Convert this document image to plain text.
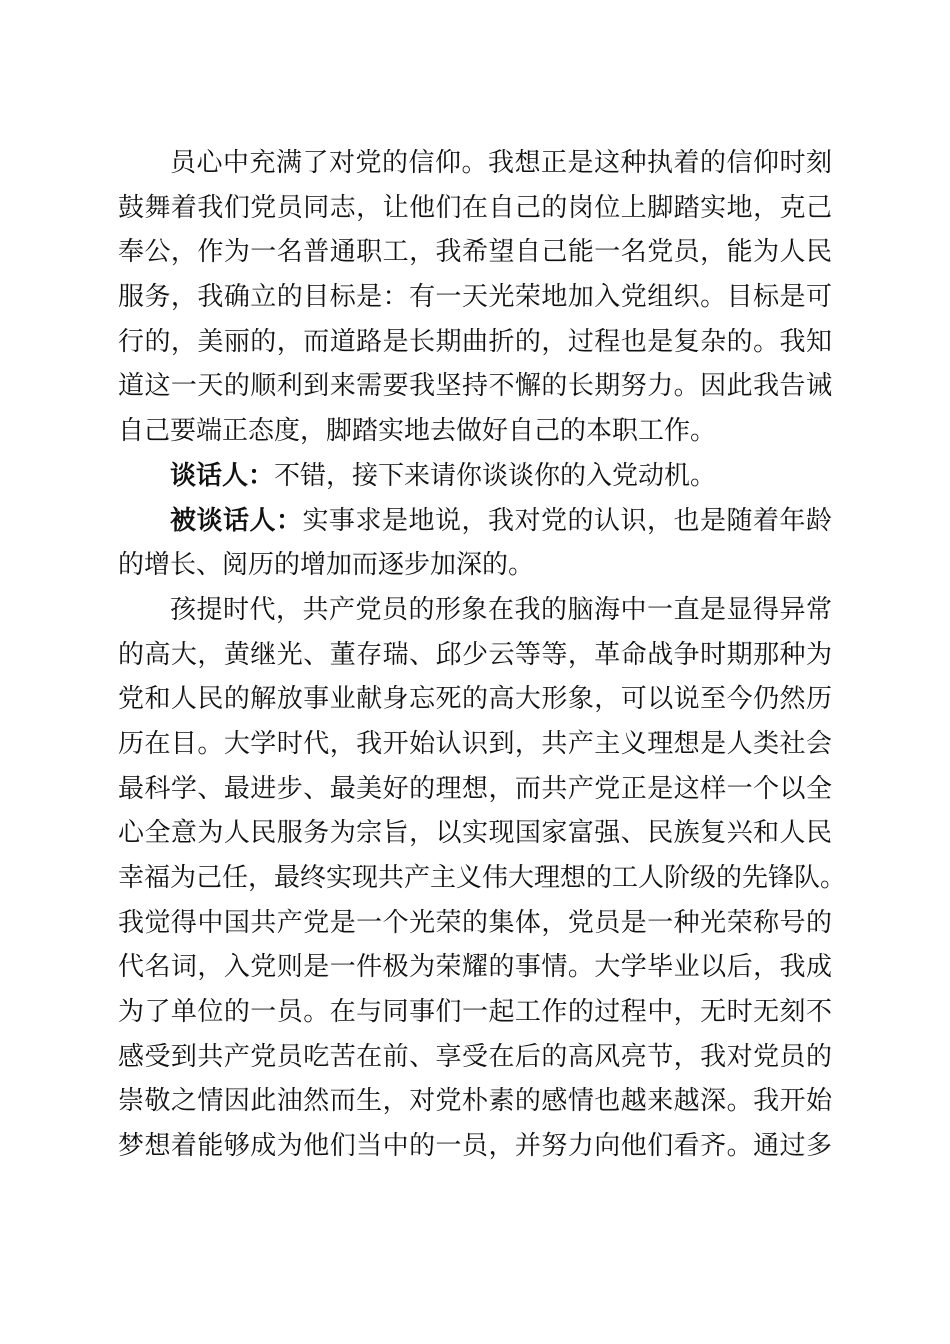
员心中充满了对党的信仰。我想正是这种执着的信仰时刻
鼓舞着我们党员同志，让他们在自己的岗位上脚踏实地，克己
奉公，作为一名普通职工，我希望自己能一名党员，能为人民
服务，我确立的目标是：有一天光荣地加入党组织。目标是可
行的，美丽的，而道路是长期曲折的，过程也是复杂的。我知
道这一天的顺利到来需要我坚持不懈的长期努力。因此我告诫
自己要端正态度，脚踏实地去做好自己的本职工作。
谈话人：不错，接下来请你谈谈你的入党动机。
被谈话人：实事求是地说，我对党的认识，也是随着年龄
的增长、阅历的增加而逐步加深的。
孩提时代，共产党员的形象在我的脑海中一直是显得异常
的高大，黄继光、董存瑞、邱少云等等，革命战争时期那种为
党和人民的解放事业献身忘死的高大形象，可以说至今仍然历
历在目。大学时代，我开始认识到，共产主义理想是人类社会
最科学、最进步、最美好的理想，而共产党正是这样一个以全
心全意为人民服务为宗旨，以实现国家富强、民族复兴和人民
幸福为己任，最终实现共产主义伟大理想的工人阶级的先锋队。
我觉得中国共产党是一个光荣的集体，党员是一种光荣称号的
代名词，入党则是一件极为荣耀的事情。大学毕业以后，我成
为了单位的一员。在与同事们一起工作的过程中，无时无刻不
感受到共产党员吃苦在前、享受在后的高风亮节，我对党员的
崇敬之情因此油然而生，对党朴素的感情也越来越深。我开始
梦想着能够成为他们当中的一员，并努力向他们看齐。通过多
